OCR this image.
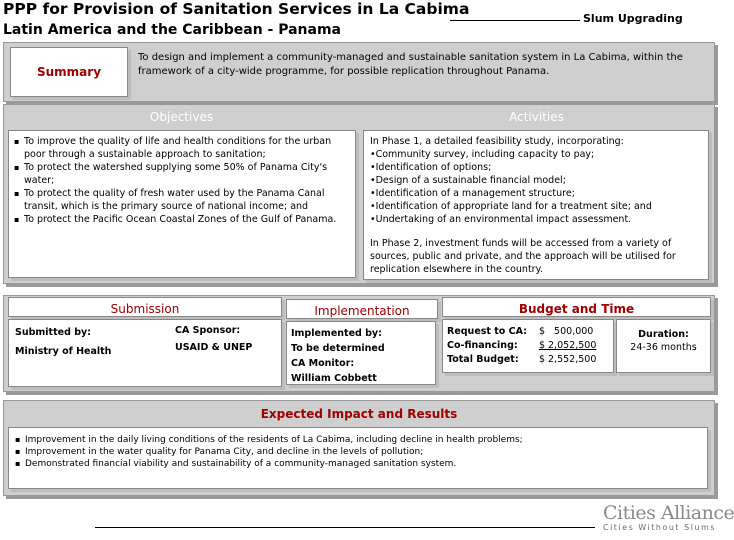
PPP for Provision of Sanitation Services in La Cabima
Latin America and the Caribbean - Panama
Slum Upgrading
Summary
To design and implement a community-managed and sustainable sanitation system in La Cabima, within the framework of a city-wide programme, for possible replication throughout Panama.
Objectives	Activities
▪ To improve the quality of life and health conditions for the urban poor through a sustainable approach to sanitation;
▪ To protect the watershed supplying some 50% of Panama City's water;
▪ To protect the quality of fresh water used by the Panama Canal transit, which is the primary source of national income; and
▪ To protect the Pacific Ocean Coastal Zones of the Gulf of Panama.
In Phase 1, a detailed feasibility study, incorporating:
•Community survey, including capacity to pay;
•Identification of options;
•Design of a sustainable financial model;
•Identification of a management structure;
•Identification of appropriate land for a treatment site; and
•Undertaking of an environmental impact assessment.
In Phase 2, investment funds will be accessed from a variety of sources, public and private, and the approach will be utilised for replication elsewhere in the country.
Submission	Implementation	Budget and Time
Submitted by:
Ministry of Health
CA Sponsor:
USAID & UNEP
Implemented by:
To be determined
CA Monitor:
William Cobbett
Request to CA:	$   500,000
Co-financing:	$ 2,052,500
Total Budget:	$ 2,552,500
Duration:
24-36 months
Expected Impact and Results
▪ Improvement in the daily living conditions of the residents of La Cabima, including decline in health problems;
▪ Improvement in the water quality for Panama City, and decline in the levels of pollution;
▪ Demonstrated financial viability and sustainability of a community-managed sanitation system.
Cities Alliance
Cities Without Slums
